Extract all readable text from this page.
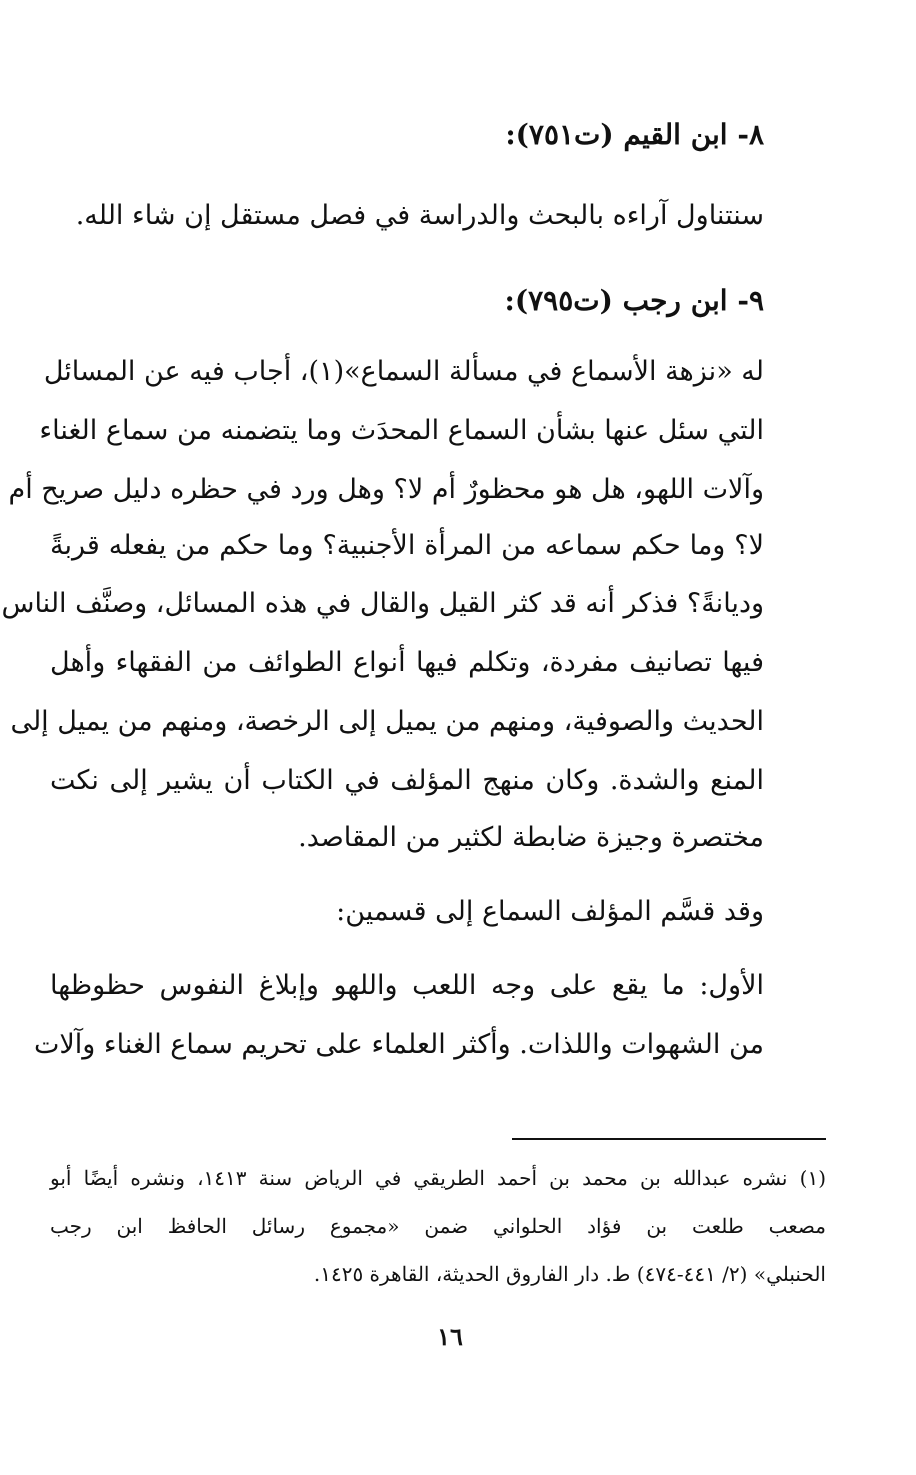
٨- ابن القيم (ت٧٥١):
سنتناول آراءه بالبحث والدراسة في فصل مستقل إن شاء الله.
٩- ابن رجب (ت٧٩٥):
له «نزهة الأسماع في مسألة السماع»(١)، أجاب فيه عن المسائل
التي سئل عنها بشأن السماع المحدَث وما يتضمنه من سماع الغناء
وآلات اللهو، هل هو محظورٌ أم لا؟ وهل ورد في حظره دليل صريح أم
لا؟ وما حكم سماعه من المرأة الأجنبية؟ وما حكم من يفعله قربةً
وديانةً؟ فذكر أنه قد كثر القيل والقال في هذه المسائل، وصنَّف الناس
فيها تصانيف مفردة، وتكلم فيها أنواع الطوائف من الفقهاء وأهل
الحديث والصوفية، ومنهم من يميل إلى الرخصة، ومنهم من يميل إلى
المنع والشدة. وكان منهج المؤلف في الكتاب أن يشير إلى نكت
مختصرة وجيزة ضابطة لكثير من المقاصد.
وقد قسَّم المؤلف السماع إلى قسمين:
الأول: ما يقع على وجه اللعب واللهو وإبلاغ النفوس حظوظها
من الشهوات واللذات. وأكثر العلماء على تحريم سماع الغناء وآلات
(١) نشره عبدالله بن محمد بن أحمد الطريقي في الرياض سنة ١٤١٣، ونشره أيضًا أبو
مصعب طلعت بن فؤاد الحلواني ضمن «مجموع رسائل الحافظ ابن رجب
الحنبلي» (٢/ ٤٤١-٤٧٤) ط. دار الفاروق الحديثة، القاهرة ١٤٢٥.
١٦
